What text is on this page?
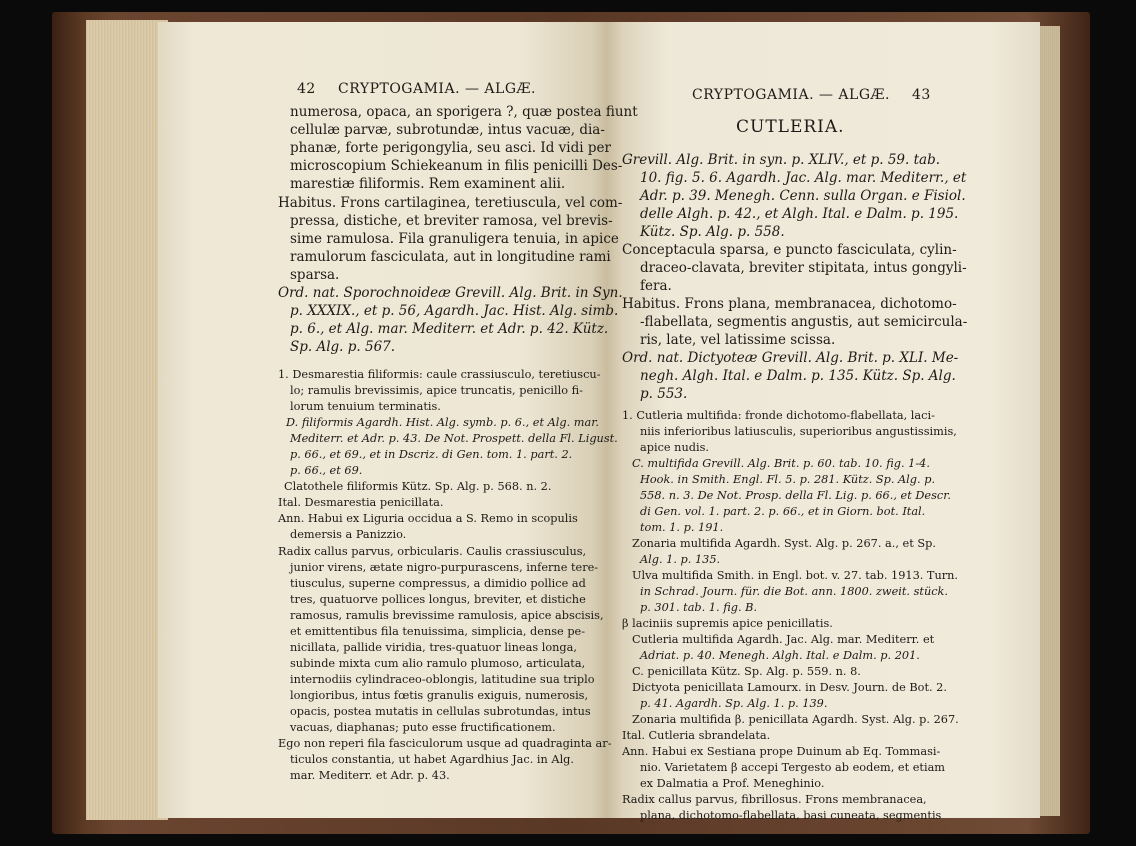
42 CRYPTOGAMIA. — ALGÆ.
numerosa, opaca, an sporigera ?, quæ postea fiunt
cellulæ parvæ, subrotundæ, intus vacuæ, dia-
phanæ, forte perigongylia, seu asci. Id vidi per
microscopium Schiekeanum in filis penicilli Des-
marestiæ filiformis. Rem examinent alii.
Habitus. Frons cartilaginea, teretiuscula, vel com-
pressa, distiche, et breviter ramosa, vel brevis-
sime ramulosa. Fila granuligera tenuia, in apice
ramulorum fasciculata, aut in longitudine rami
sparsa.
Ord. nat. Sporochnoideæ Grevill. Alg. Brit. in Syn.
p. XXXIX., et p. 56, Agardh. Jac. Hist. Alg. simb.
p. 6., et Alg. mar. Mediterr. et Adr. p. 42. Kütz.
Sp. Alg. p. 567.
1. Desmarestia filiformis: caule crassiusculo, teretiuscu-
lo; ramulis brevissimis, apice truncatis, penicillo fi-
lorum tenuium terminatis.
D. filiformis Agardh. Hist. Alg. symb. p. 6., et Alg. mar.
Mediterr. et Adr. p. 43. De Not. Prospett. della Fl. Ligust.
p. 66., et 69., et in Dscriz. di Gen. tom. 1. part. 2.
p. 66., et 69.
Clatothele filiformis Kütz. Sp. Alg. p. 568. n. 2.
Ital. Desmarestia penicillata.
Ann. Habui ex Liguria occidua a S. Remo in scopulis
demersis a Panizzio.
Radix callus parvus, orbicularis. Caulis crassiusculus,
junior virens, ætate nigro-purpurascens, inferne tere-
tiusculus, superne compressus, a dimidio pollice ad
tres, quatuorve pollices longus, breviter, et distiche
ramosus, ramulis brevissime ramulosis, apice abscisis,
et emittentibus fila tenuissima, simplicia, dense pe-
nicillata, pallide viridia, tres-quatuor lineas longa,
subinde mixta cum alio ramulo plumoso, articulata,
internodiis cylindraceo-oblongis, latitudine sua triplo
longioribus, intus fœtis granulis exiguis, numerosis,
opacis, postea mutatis in cellulas subrotundas, intus
vacuas, diaphanas; puto esse fructificationem.
Ego non reperi fila fasciculorum usque ad quadraginta ar-
ticulos constantia, ut habet Agardhius Jac. in Alg.
mar. Mediterr. et Adr. p. 43.
CRYPTOGAMIA. — ALGÆ. 43
CUTLERIA.
Grevill. Alg. Brit. in syn. p. XLIV., et p. 59. tab.
10. fig. 5. 6. Agardh. Jac. Alg. mar. Mediterr., et
Adr. p. 39. Menegh. Cenn. sulla Organ. e Fisiol.
delle Algh. p. 42., et Algh. Ital. e Dalm. p. 195.
Kütz. Sp. Alg. p. 558.
Conceptacula sparsa, e puncto fasciculata, cylin-
draceo-clavata, breviter stipitata, intus gongyli-
fera.
Habitus. Frons plana, membranacea, dichotomo-
-flabellata, segmentis angustis, aut semicircula-
ris, late, vel latissime scissa.
Ord. nat. Dictyoteæ Grevill. Alg. Brit. p. XLI. Me-
negh. Algh. Ital. e Dalm. p. 135. Kütz. Sp. Alg.
p. 553.
1. Cutleria multifida: fronde dichotomo-flabellata, laci-
niis inferioribus latiusculis, superioribus angustissimis,
apice nudis.
C. multifida Grevill. Alg. Brit. p. 60. tab. 10. fig. 1-4.
Hook. in Smith. Engl. Fl. 5. p. 281. Kütz. Sp. Alg. p.
558. n. 3. De Not. Prosp. della Fl. Lig. p. 66., et Descr.
di Gen. vol. 1. part. 2. p. 66., et in Giorn. bot. Ital.
tom. 1. p. 191.
Zonaria multifida Agardh. Syst. Alg. p. 267. a., et Sp.
Alg. 1. p. 135.
Ulva multifida Smith. in Engl. bot. v. 27. tab. 1913. Turn.
in Schrad. Journ. für. die Bot. ann. 1800. zweit. stück.
p. 301. tab. 1. fig. B.
β laciniis supremis apice penicillatis.
Cutleria multifida Agardh. Jac. Alg. mar. Mediterr. et
Adriat. p. 40. Menegh. Algh. Ital. e Dalm. p. 201.
C. penicillata Kütz. Sp. Alg. p. 559. n. 8.
Dictyota penicillata Lamourx. in Desv. Journ. de Bot. 2.
p. 41. Agardh. Sp. Alg. 1. p. 139.
Zonaria multifida β. penicillata Agardh. Syst. Alg. p. 267.
Ital. Cutleria sbrandelata.
Ann. Habui ex Sestiana prope Duinum ab Eq. Tommasi-
nio. Varietatem β accepi Tergesto ab eodem, et etiam
ex Dalmatia a Prof. Meneghinio.
Radix callus parvus, fibrillosus. Frons membranacea,
plana, dichotomo-flabellata, basi cuneata, segmentis
